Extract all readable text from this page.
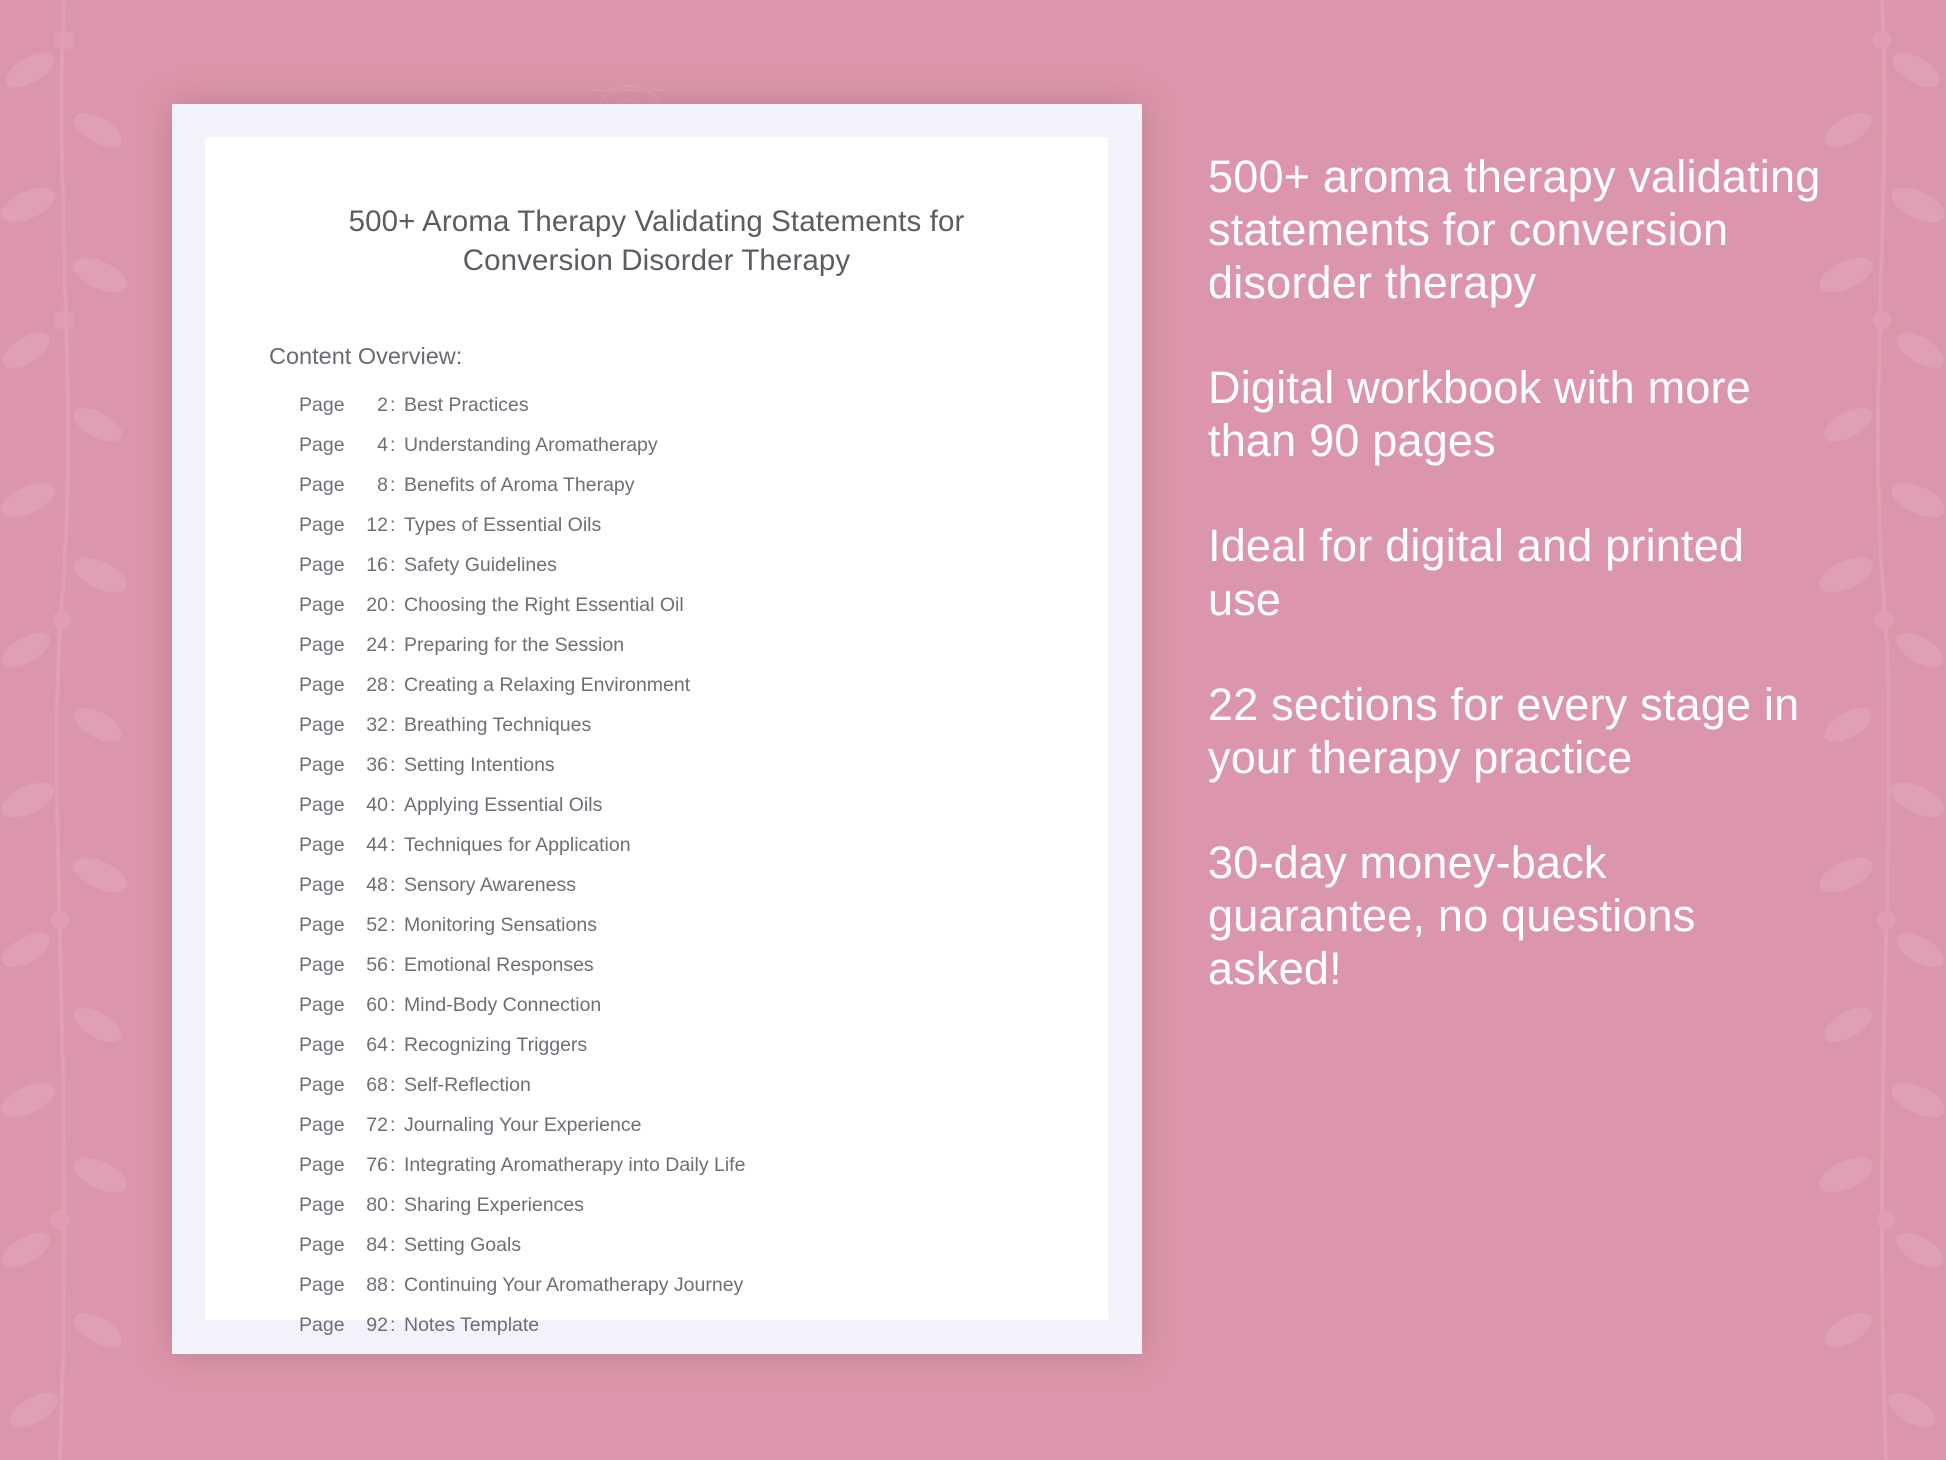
500+ Aroma Therapy Validating Statements for Conversion Disorder Therapy
Content Overview:
Page	2 : Best Practices
Page	4 : Understanding Aromatherapy
Page	8 : Benefits of Aroma Therapy
Page	12 : Types of Essential Oils
Page	16 : Safety Guidelines
Page	20 : Choosing the Right Essential Oil
Page	24 : Preparing for the Session
Page	28 : Creating a Relaxing Environment
Page	32 : Breathing Techniques
Page	36 : Setting Intentions
Page	40 : Applying Essential Oils
Page	44 : Techniques for Application
Page	48 : Sensory Awareness
Page	52 : Monitoring Sensations
Page	56 : Emotional Responses
Page	60 : Mind-Body Connection
Page	64 : Recognizing Triggers
Page	68 : Self-Reflection
Page	72 : Journaling Your Experience
Page	76 : Integrating Aromatherapy into Daily Life
Page	80 : Sharing Experiences
Page	84 : Setting Goals
Page	88 : Continuing Your Aromatherapy Journey
Page	92 : Notes Template
500+ aroma therapy validating statements for conversion disorder therapy
Digital workbook with more than 90 pages
Ideal for digital and printed use
22 sections for every stage in your therapy practice
30-day money-back guarantee, no questions asked!
